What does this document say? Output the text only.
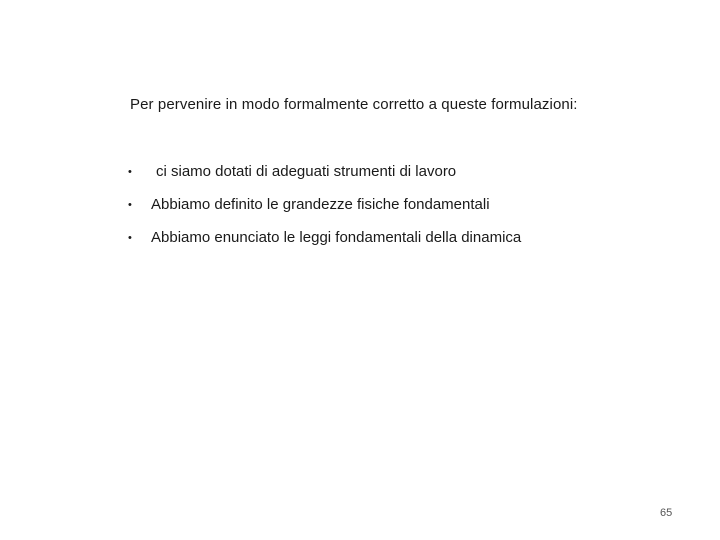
Per pervenire in modo formalmente corretto a queste formulazioni:
•	ci siamo dotati di adeguati strumenti di lavoro
•	Abbiamo definito le grandezze fisiche fondamentali
•	Abbiamo enunciato le leggi fondamentali della dinamica
65
